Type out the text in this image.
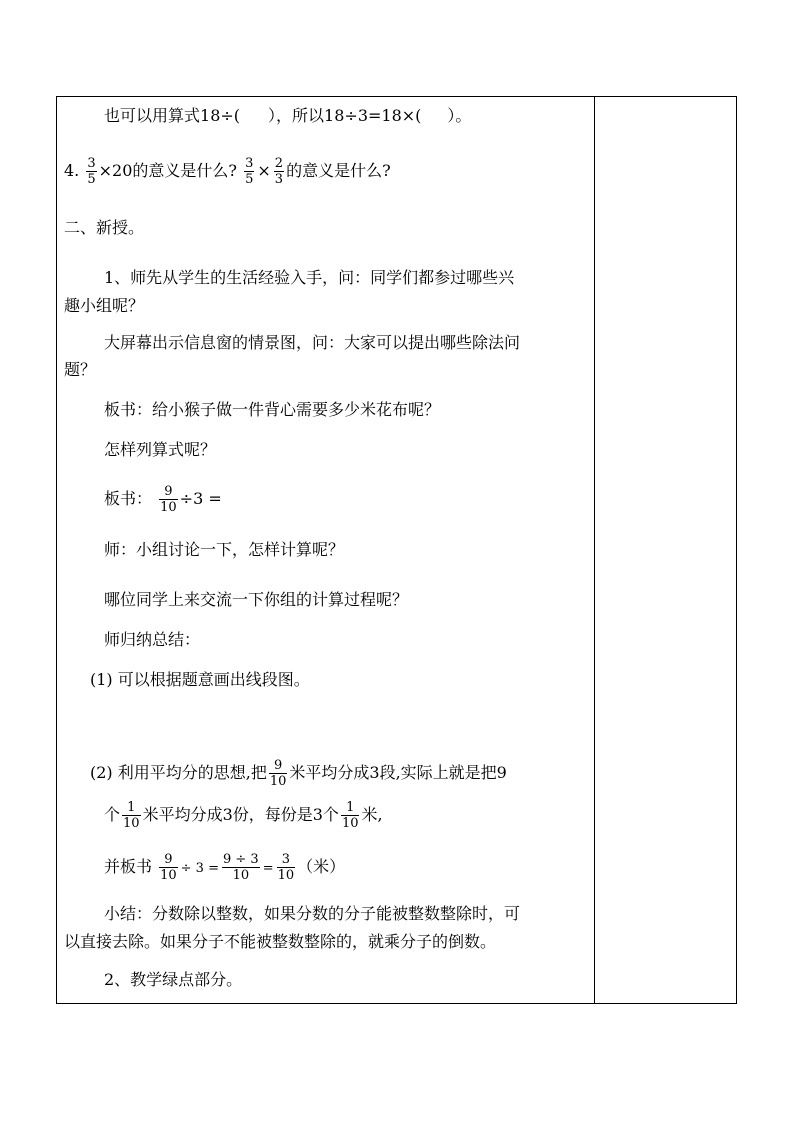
也可以用算式18÷( ），所以18÷3=18×( ）。
4. $\frac{3}{5} \times 20$的意义是什么? $\frac{3}{5} \times \frac{2}{3}$ 的意义是什么?
二、新授。
1、师先从学生的生活经验入手，问：同学们都参过哪些兴
趣小组呢？
大屏幕出示信息窗的情景图，问：大家可以提出哪些除法问
题？
板书：给小猴子做一件背心需要多少米花布呢？
怎样列算式呢？
板书： $\frac{9}{10} \div 3$ =
师：小组讨论一下，怎样计算呢？
哪位同学上来交流一下你组的计算过程呢？
师归纳总结：
(1) 可以根据题意画出线段图。
(2) 利用平均分的思想,把 $\frac{9}{10}$ 米平均分成3段,实际上就是把9
个 $\frac{1}{10}$ 米平均分成3份，每份是3个 $\frac{1}{10}$ 米,
并板书 $\frac{9}{10} \div 3 = \frac{9 \div 3}{10} = \frac{3}{10}$ （米）
小结：分数除以整数，如果分数的分子能被整数整除时，可
以直接去除。如果分子不能被整数整除的，就乘分子的倒数。
2、教学绿点部分。
